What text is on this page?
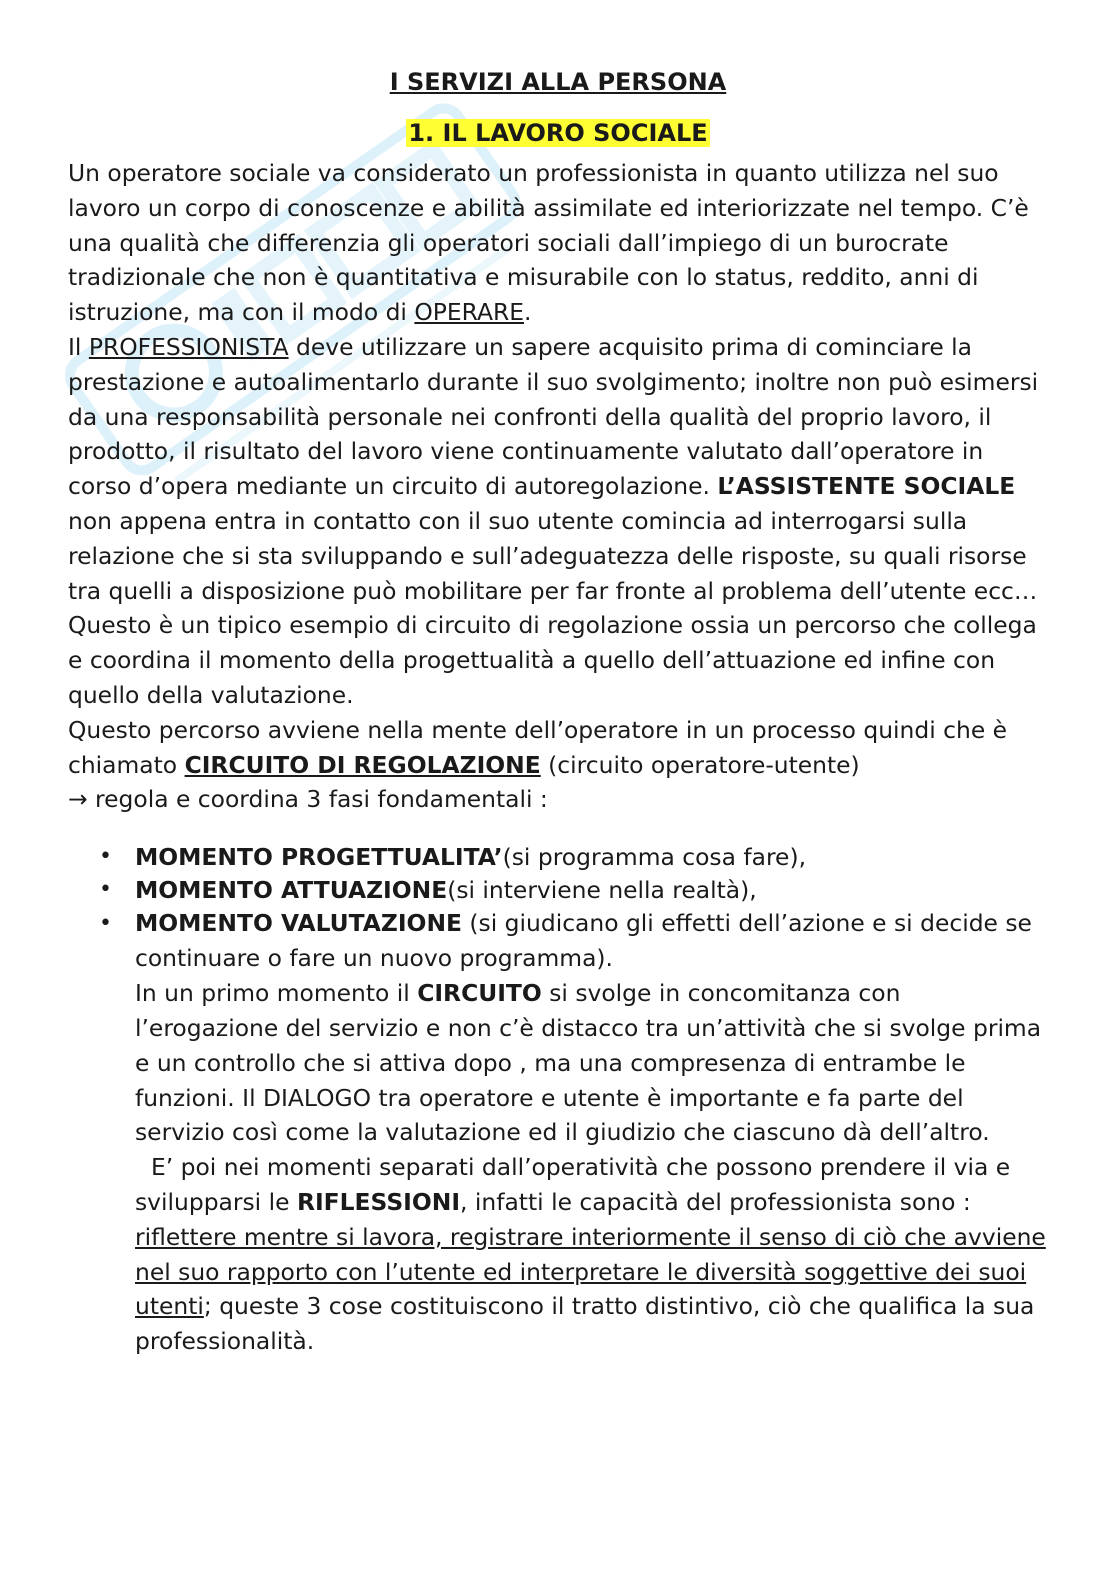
I SERVIZI ALLA PERSONA
1. IL LAVORO SOCIALE

Un operatore sociale va considerato un professionista in quanto utilizza nel suo lavoro un corpo di conoscenze e abilità assimilate ed interiorizzate nel tempo. C’è una qualità che differenzia gli operatori sociali dall’impiego di un burocrate tradizionale che non è quantitativa e misurabile con lo status, reddito, anni di istruzione, ma con il modo di OPERARE.

Il PROFESSIONISTA deve utilizzare un sapere acquisito prima di cominciare la prestazione e autoalimentarlo durante il suo svolgimento; inoltre non può esimersi da una responsabilità personale nei confronti della qualità del proprio lavoro, il prodotto, il risultato del lavoro viene continuamente valutato dall’operatore in corso d’opera mediante un circuito di autoregolazione. L’ASSISTENTE SOCIALE non appena entra in contatto con il suo utente comincia ad interrogarsi sulla relazione che si sta sviluppando e sull’adeguatezza delle risposte, su quali risorse tra quelli a disposizione può mobilitare per far fronte al problema dell’utente ecc… Questo è un tipico esempio di circuito di regolazione ossia un percorso che collega e coordina il momento della progettualità a quello dell’attuazione ed infine con quello della valutazione.

Questo percorso avviene nella mente dell’operatore in un processo quindi che è chiamato CIRCUITO DI REGOLAZIONE (circuito operatore-utente)
→ regola e coordina 3 fasi fondamentali :

• MOMENTO PROGETTUALITA’(si programma cosa fare),
• MOMENTO ATTUAZIONE(si interviene nella realtà),
• MOMENTO VALUTAZIONE (si giudicano gli effetti dell’azione e si decide se continuare o fare un nuovo programma).

In un primo momento il CIRCUITO si svolge in concomitanza con l’erogazione del servizio e non c’è distacco tra un’attività che si svolge prima e un controllo che si attiva dopo , ma una compresenza di entrambe le funzioni. Il DIALOGO tra operatore e utente è importante e fa parte del servizio così come la valutazione ed il giudizio che ciascuno dà dell’altro.

E’ poi nei momenti separati dall’operatività che possono prendere il via e svilupparsi le RIFLESSIONI, infatti le capacità del professionista sono : riflettere mentre si lavora, registrare interiormente il senso di ciò che avviene nel suo rapporto con l’utente ed interpretare le diversità soggettive dei suoi utenti; queste 3 cose costituiscono il tratto distintivo, ciò che qualifica la sua professionalità.
